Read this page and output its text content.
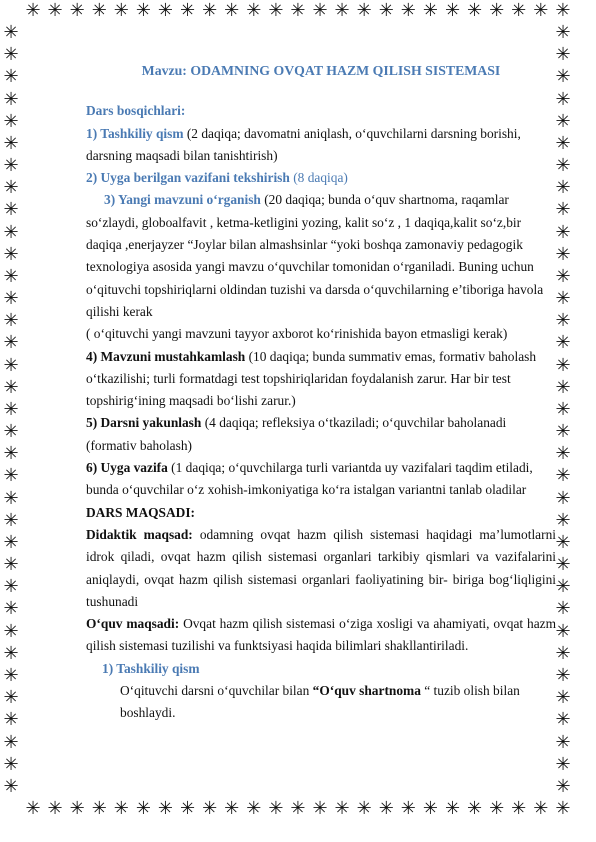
✳ ✳ ✳ ✳ ✳ ✳ ✳ ✳ ✳ ✳ ✳ ✳ ✳ ✳ ✳ ✳ ✳ ✳ ✳ ✳ ✳ ✳ ✳ ✳ ✳
✳ ✳ ✳ ✳ ✳ ✳ ✳ ✳ ✳ ✳ ✳ ✳ ✳ ✳ ✳ ✳ ✳ ✳ ✳ ✳ ✳ ✳ ✳ ✳ ✳
✳
✳
✳
✳
✳
✳
✳
✳
✳
✳
✳
✳
✳
✳
✳
✳
✳
✳
✳
✳
✳
✳
✳
✳
✳
✳
✳
✳
✳
✳
✳
✳
✳
✳
✳
✳
✳
✳
✳
✳
✳
✳
✳
✳
✳
✳
✳
✳
✳
✳
✳
✳
✳
✳
✳
✳
✳
✳
✳
✳
✳
✳
✳
✳
✳
✳
✳
✳
✳
✳

Mavzu: ODAMNING OVQAT HAZM QILISH SISTEMASI

Dars bosqichlari:

1) Tashkiliy qism (2 daqiqa; davomatni aniqlash, o‘quvchilarni darsning borishi, darsning maqsadi bilan tanishtirish)

2) Uyga berilgan vazifani tekshirish (8 daqiqa)

3) Yangi mavzuni o‘rganish (20 daqiqa; bunda o‘quv shartnoma, raqamlar so‘zlaydi, globoalfavit , ketma-ketligini yozing, kalit so‘z , 1 daqiqa,kalit so‘z,bir daqiqa ,enerjayzer “Joylar bilan almashsinlar “yoki boshqa zamonaviy pedagogik texnologiya asosida yangi mavzu o‘quvchilar tomonidan o‘rganiladi. Buning uchun o‘qituvchi topshiriqlarni oldindan tuzishi va darsda o‘quvchilarning e’tiboriga havola qilishi kerak

( o‘qituvchi yangi mavzuni tayyor axborot ko‘rinishida bayon etmasligi kerak)

4) Mavzuni mustahkamlash (10 daqiqa; bunda summativ emas, formativ baholash o‘tkazilishi; turli formatdagi test topshiriqlaridan foydalanish zarur. Har bir test topshirig‘ining maqsadi bo‘lishi zarur.)

5) Darsni yakunlash (4 daqiqa; refleksiya o‘tkaziladi; o‘quvchilar baholanadi (formativ baholash)

6) Uyga vazifa (1 daqiqa; o‘quvchilarga turli variantda uy vazifalari taqdim etiladi, bunda o‘quvchilar o‘z xohish-imkoniyatiga ko‘ra istalgan variantni tanlab oladilar

DARS MAQSADI:

Didaktik maqsad: odamning ovqat hazm qilish sistemasi haqidagi ma’lumotlarni idrok qiladi, ovqat hazm qilish sistemasi organlari tarkibiy qismlari va vazifalarini aniqlaydi, ovqat hazm qilish sistemasi organlari faoliyatining bir- biriga bog‘liqligini tushunadi

O‘quv maqsadi: Ovqat hazm qilish sistemasi o‘ziga xosligi va ahamiyati, ovqat hazm qilish sistemasi tuzilishi va funktsiyasi haqida bilimlari shakllantiriladi.

1) Tashkiliy qism

O‘qituvchi darsni o‘quvchilar bilan “O‘quv shartnoma “ tuzib olish bilan boshlaydi.
